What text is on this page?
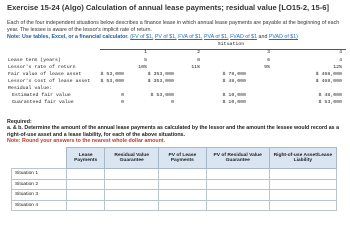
Exercise 15-24 (Algo) Calculation of annual lease payments; residual value [LO15-2, 15-6]
Each of the four independent situations below describes a finance lease in which annual lease payments are payable at the beginning of each year. The lessee is aware of the lessor's implicit rate of return.
Note: Use tables, Excel, or a financial calculator. (FV of $1, PV of $1, FVA of $1, PVA of $1, FVAD of $1 and PVAD of $1)
Situation
1	2	3	4
Lease term (years)	5	8	6	4
Lessor's rate of return	10%	11%	9%	12%
Fair value of lease asset	$ 53,000	$ 353,000	$ 78,000	$ 468,000
Lessor's cost of lease asset	$ 53,000	$ 353,000	$ 48,000	$ 468,000
Residual value:
Estimated fair value	0	$ 53,000	$ 10,000	$ 48,000
Guaranteed fair value	0	0	$ 10,000	$ 53,000
Required:
a. & b. Determine the amount of the annual lease payments as calculated by the lessor and the amount the lessee would record as a right-of-use asset and a lease liability, for each of the above situations.
Note: Round your answers to the nearest whole dollar amount.
	Lease Payments	Residual Value Guarantee	PV of Lease Payments	PV of Residual Value Guarantee	Right-of-use Asset/Lease Liability
Situation 1					
Situation 2					
Situation 3					
Situation 4					
